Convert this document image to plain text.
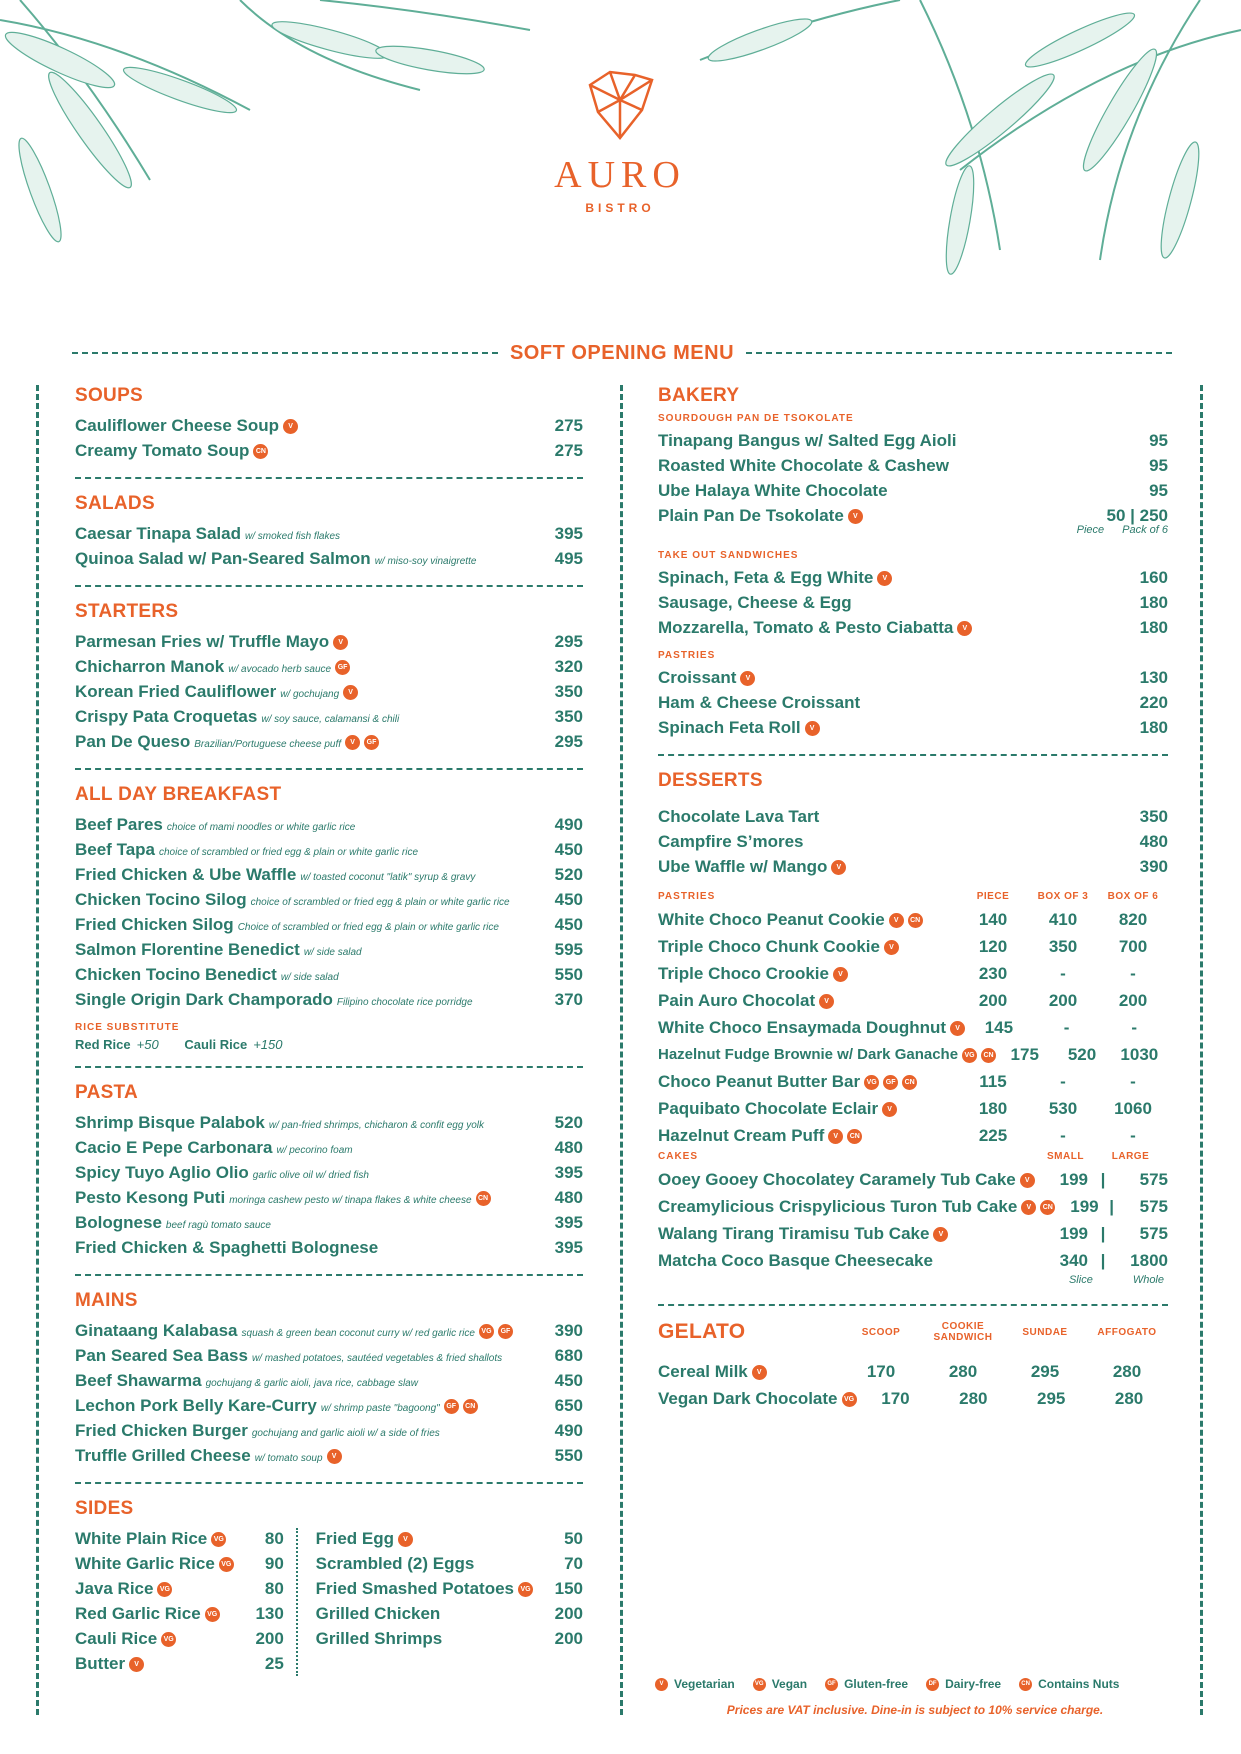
AURO
BISTRO
SOFT OPENING MENU
SOUPS
Cauliflower Cheese Soup V	275
Creamy Tomato Soup CN	275
SALADS
Caesar Tinapa Salad w/ smoked fish flakes	395
Quinoa Salad w/ Pan-Seared Salmon w/ miso-soy vinaigrette	495
STARTERS
Parmesan Fries w/ Truffle Mayo V	295
Chicharron Manok w/ avocado herb sauce GF	320
Korean Fried Cauliflower w/ gochujang V	350
Crispy Pata Croquetas w/ soy sauce, calamansi & chili	350
Pan De Queso Brazilian/Portuguese cheese puff V GF	295
ALL DAY BREAKFAST
Beef Pares choice of mami noodles or white garlic rice	490
Beef Tapa choice of scrambled or fried egg & plain or white garlic rice	450
Fried Chicken & Ube Waffle w/ toasted coconut "latik" syrup & gravy	520
Chicken Tocino Silog choice of scrambled or fried egg & plain or white garlic rice	450
Fried Chicken Silog Choice of scrambled or fried egg & plain or white garlic rice	450
Salmon Florentine Benedict w/ side salad	595
Chicken Tocino Benedict w/ side salad	550
Single Origin Dark Champorado Filipino chocolate rice porridge	370
RICE SUBSTITUTE
Red Rice +50 Cauli Rice +150
PASTA
Shrimp Bisque Palabok w/ pan-fried shrimps, chicharon & confit egg yolk	520
Cacio E Pepe Carbonara w/ pecorino foam	480
Spicy Tuyo Aglio Olio garlic olive oil w/ dried fish	395
Pesto Kesong Puti moringa cashew pesto w/ tinapa flakes & white cheese CN	480
Bolognese beef ragù tomato sauce	395
Fried Chicken & Spaghetti Bolognese	395
MAINS
Ginataang Kalabasa squash & green bean coconut curry w/ red garlic rice VG GF	390
Pan Seared Sea Bass w/ mashed potatoes, sautéed vegetables & fried shallots	680
Beef Shawarma gochujang & garlic aioli, java rice, cabbage slaw	450
Lechon Pork Belly Kare-Curry w/ shrimp paste "bagoong" GF CN	650
Fried Chicken Burger gochujang and garlic aioli w/ a side of fries	490
Truffle Grilled Cheese w/ tomato soup V	550
SIDES
White Plain Rice VG	80
White Garlic Rice VG	90
Java Rice VG	80
Red Garlic Rice VG	130
Cauli Rice VG	200
Butter V	25
Fried Egg V	50
Scrambled (2) Eggs	70
Fried Smashed Potatoes VG	150
Grilled Chicken	200
Grilled Shrimps	200
BAKERY
SOURDOUGH PAN DE TSOKOLATE
Tinapang Bangus w/ Salted Egg Aioli	95
Roasted White Chocolate & Cashew	95
Ube Halaya White Chocolate	95
Plain Pan De Tsokolate V	50 | 250
Piece Pack of 6
TAKE OUT SANDWICHES
Spinach, Feta & Egg White V	160
Sausage, Cheese & Egg	180
Mozzarella, Tomato & Pesto Ciabatta V	180
PASTRIES
Croissant V	130
Ham & Cheese Croissant	220
Spinach Feta Roll V	180
DESSERTS
Chocolate Lava Tart	350
Campfire S’mores	480
Ube Waffle w/ Mango V	390
PASTRIES	PIECE	BOX OF 3	BOX OF 6
White Choco Peanut Cookie V CN	140	410	820
Triple Choco Chunk Cookie V	120	350	700
Triple Choco Crookie V	230	-	-
Pain Auro Chocolat V	200	200	200
White Choco Ensaymada Doughnut V	145	-	-
Hazelnut Fudge Brownie w/ Dark Ganache VG CN 175	520	1030
Choco Peanut Butter Bar VG GF CN	115	-	-
Paquibato Chocolate Eclair V	180	530	1060
Hazelnut Cream Puff V CN	225	-	-
CAKES	SMALL	LARGE
Ooey Gooey Chocolatey Caramely Tub Cake V	199 |	575
Creamylicious Crispylicious Turon Tub Cake V CN	199 |	575
Walang Tirang Tiramisu Tub Cake V	199 |	575
Matcha Coco Basque Cheesecake	340 |	1800
Slice	Whole
GELATO	SCOOP	COOKIE SANDWICH	SUNDAE	AFFOGATO
Cereal Milk V	170	280	295	280
Vegan Dark Chocolate VG	170	280	295	280
V Vegetarian	VG Vegan	GF Gluten-free	DF Dairy-free	CN Contains Nuts
Prices are VAT inclusive. Dine-in is subject to 10% service charge.
